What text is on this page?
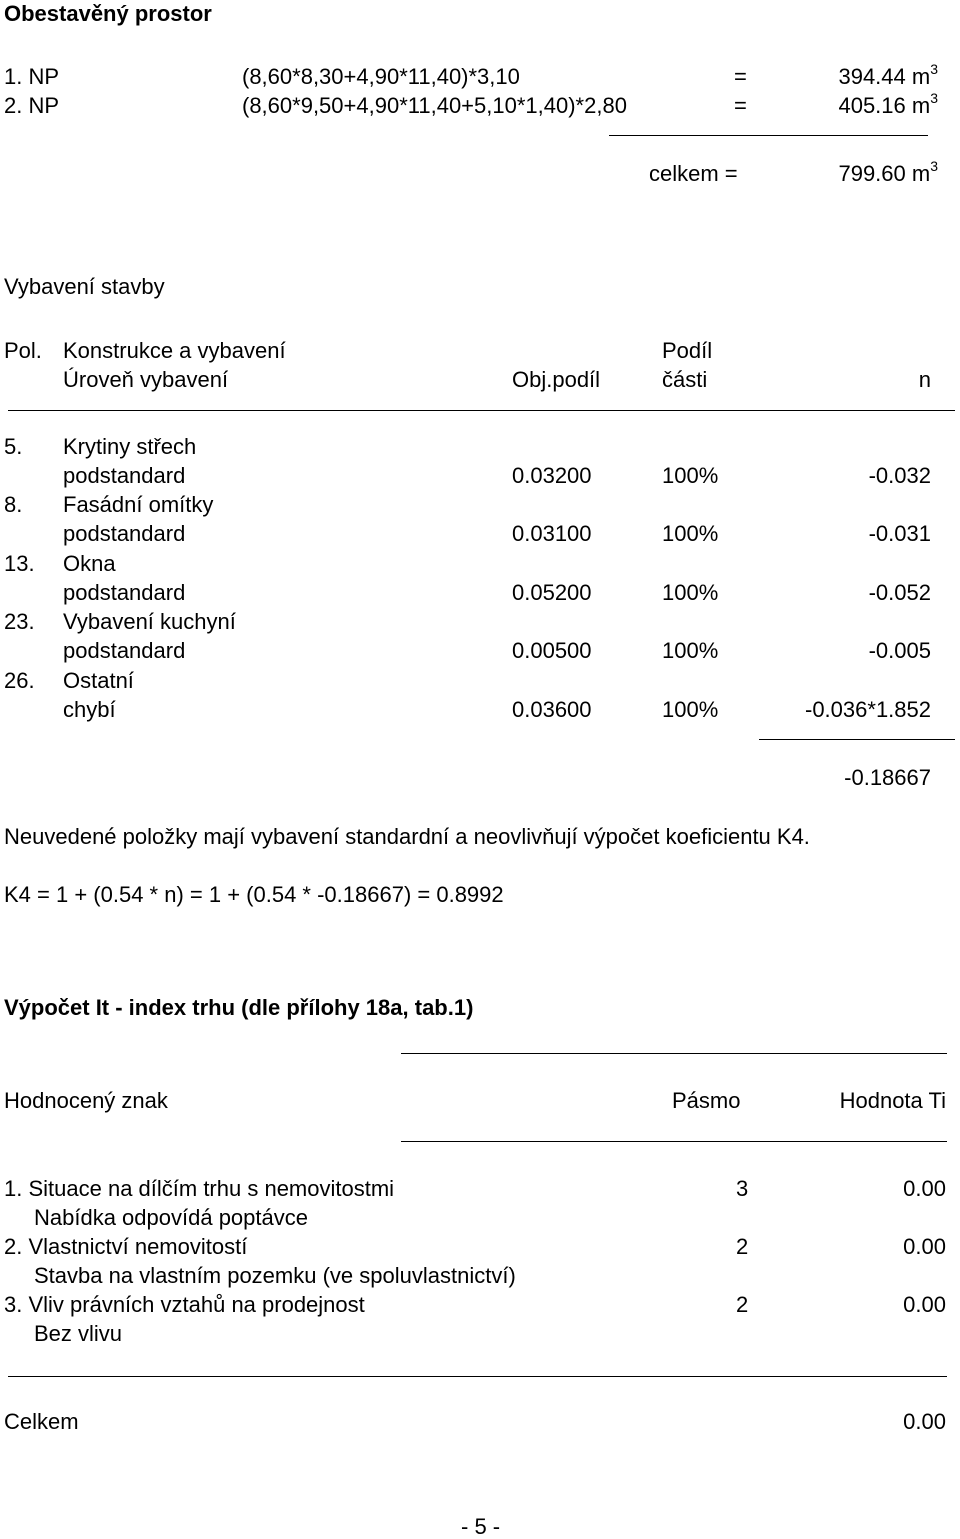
Obestavěný prostor
1. NP	(8,60*8,30+4,90*11,40)*3,10	=	394.44 $m^3$
2. NP	(8,60*9,50+4,90*11,40+5,10*1,40)*2,80	=	405.16 $m^3$
celkem =	799.60 $m^3$
Vybavení stavby
Pol. Konstrukce a vybavení	Podíl
Úroveň vybavení	Obj.podíl	části	n
5. Krytiny střech
podstandard	0.03200	100%	-0.032
8. Fasádní omítky
podstandard	0.03100	100%	-0.031
13. Okna
podstandard	0.05200	100%	-0.052
23. Vybavení kuchyní
podstandard	0.00500	100%	-0.005
26. Ostatní
chybí	0.03600	100%	-0.036*1.852
-0.18667
Neuvedené položky mají vybavení standardní a neovlivňují výpočet koeficientu K4.
K4 = 1 + (0.54 * n) = 1 + (0.54 * -0.18667) = 0.8992
Výpočet It - index trhu (dle přílohy 18a, tab.1)
Hodnocený znak	Pásmo	Hodnota Ti
1. Situace na dílčím trhu s nemovitostmi	3	0.00
Nabídka odpovídá poptávce
2. Vlastnictví nemovitostí	2	0.00
Stavba na vlastním pozemku (ve spoluvlastnictví)
3. Vliv právních vztahů na prodejnost	2	0.00
Bez vlivu
Celkem	0.00
- 5 -
